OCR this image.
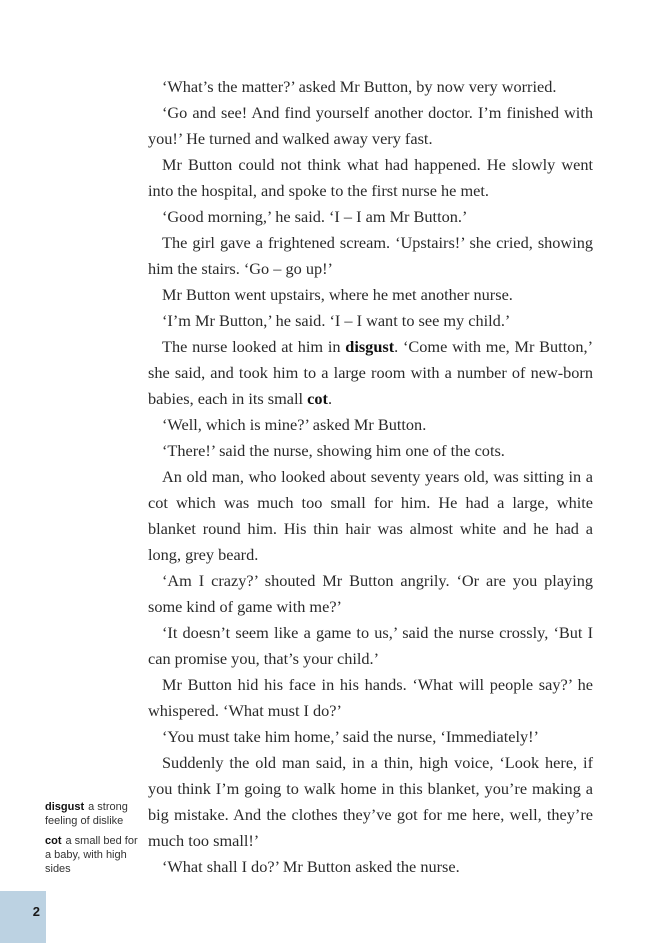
‘What’s the matter?’ asked Mr Button, by now very worried.

‘Go and see! And find yourself another doctor. I’m finished with you!’ He turned and walked away very fast.

Mr Button could not think what had happened. He slowly went into the hospital, and spoke to the first nurse he met.

‘Good morning,’ he said. ‘I – I am Mr Button.’

The girl gave a frightened scream. ‘Upstairs!’ she cried, showing him the stairs. ‘Go – go up!’

Mr Button went upstairs, where he met another nurse.

‘I’m Mr Button,’ he said. ‘I – I want to see my child.’

The nurse looked at him in disgust. ‘Come with me, Mr Button,’ she said, and took him to a large room with a number of new-born babies, each in its small cot.

‘Well, which is mine?’ asked Mr Button.

‘There!’ said the nurse, showing him one of the cots.

An old man, who looked about seventy years old, was sitting in a cot which was much too small for him. He had a large, white blanket round him. His thin hair was almost white and he had a long, grey beard.

‘Am I crazy?’ shouted Mr Button angrily. ‘Or are you playing some kind of game with me?’

‘It doesn’t seem like a game to us,’ said the nurse crossly, ‘But I can promise you, that’s your child.’

Mr Button hid his face in his hands. ‘What will people say?’ he whispered. ‘What must I do?’

‘You must take him home,’ said the nurse, ‘Immediately!’

Suddenly the old man said, in a thin, high voice, ‘Look here, if you think I’m going to walk home in this blanket, you’re making a big mistake. And the clothes they’ve got for me here, well, they’re much too small!’

‘What shall I do?’ Mr Button asked the nurse.

disgust a strong feeling of dislike
cot a small bed for a baby, with high sides
2
